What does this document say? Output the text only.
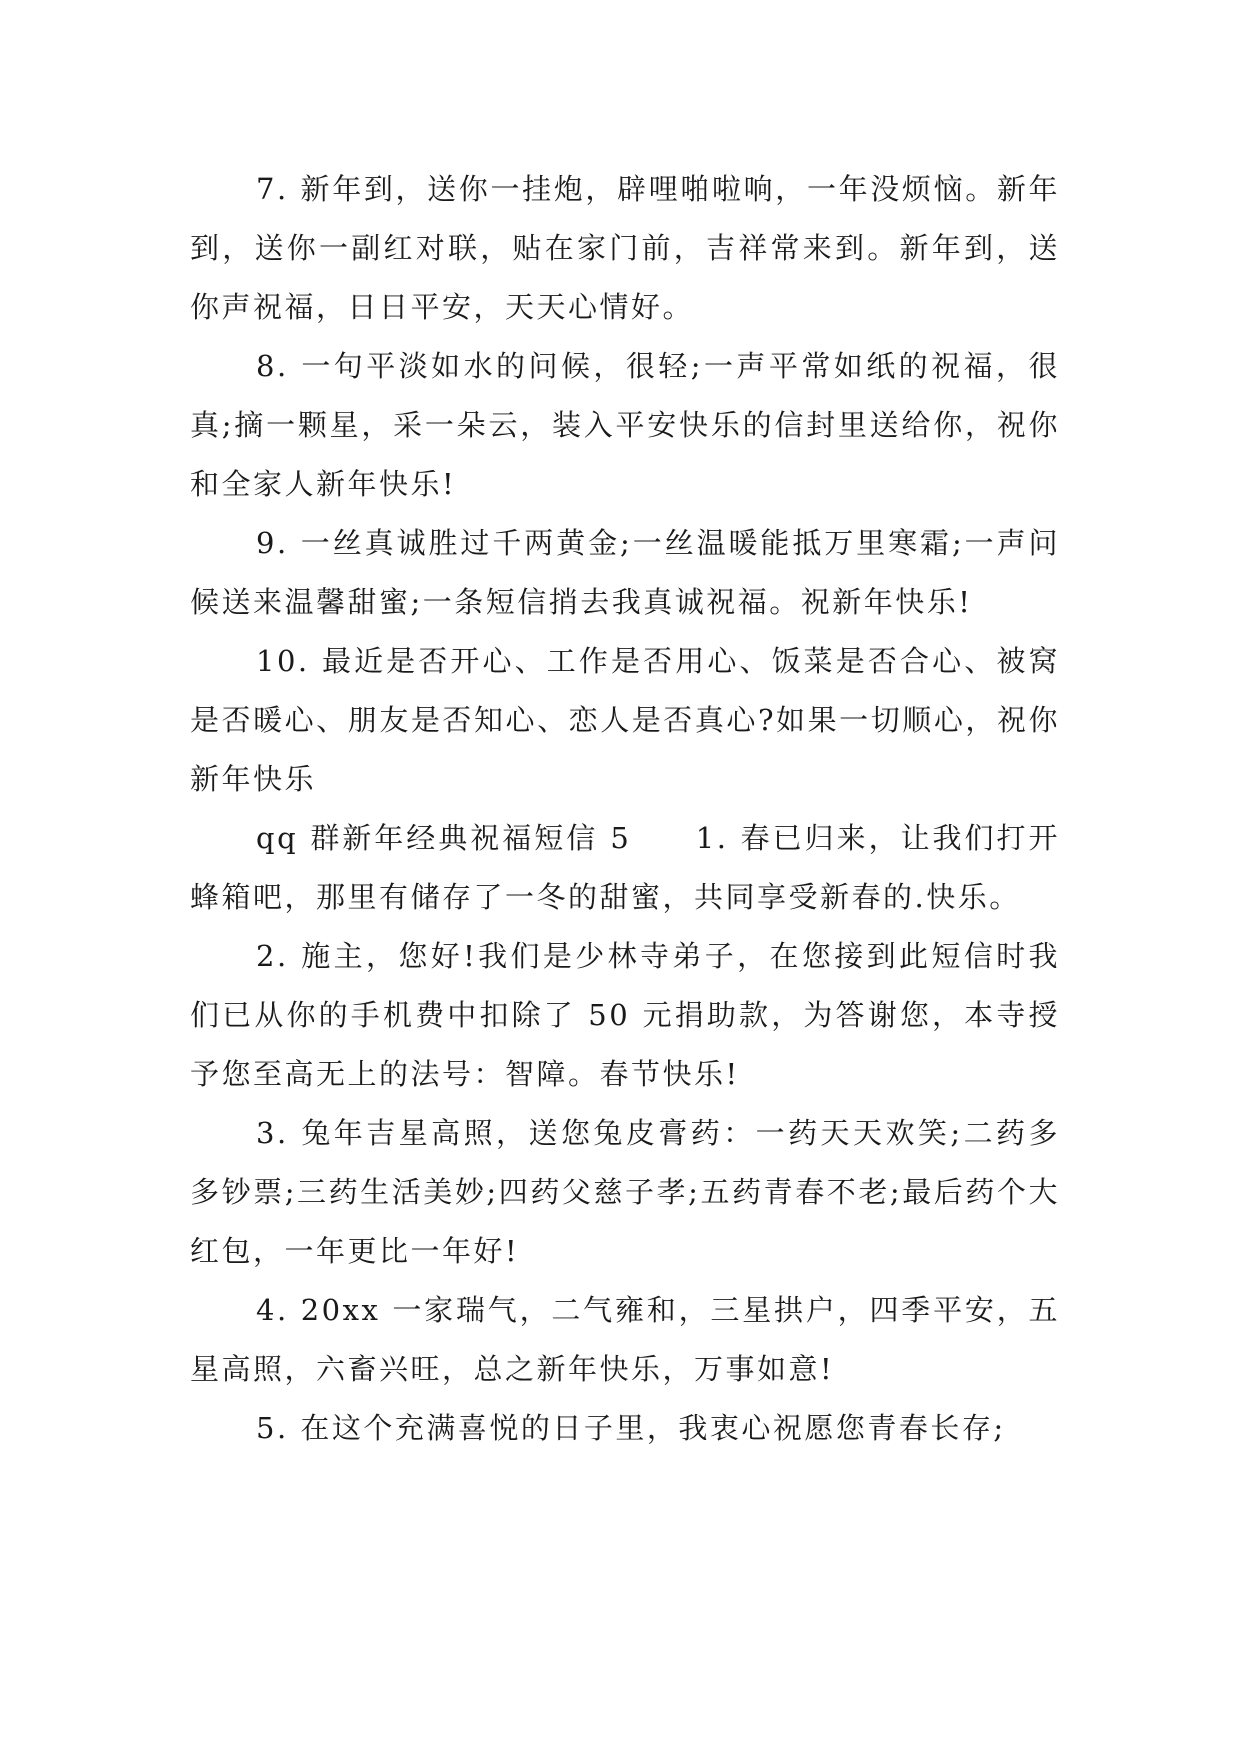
7. 新年到，送你一挂炮，辟哩啪啦响，一年没烦恼。新年到，送你一副红对联，贴在家门前，吉祥常来到。新年到，送你声祝福，日日平安，天天心情好。

8. 一句平淡如水的问候，很轻;一声平常如纸的祝福，很真;摘一颗星，采一朵云，装入平安快乐的信封里送给你，祝你和全家人新年快乐!

9. 一丝真诚胜过千两黄金;一丝温暖能抵万里寒霜;一声问候送来温馨甜蜜;一条短信捎去我真诚祝福。祝新年快乐!

10. 最近是否开心、工作是否用心、饭菜是否合心、被窝是否暖心、朋友是否知心、恋人是否真心?如果一切顺心，祝你新年快乐

qq 群新年经典祝福短信 5　　1. 春已归来，让我们打开蜂箱吧，那里有储存了一冬的甜蜜，共同享受新春的.快乐。

2. 施主，您好!我们是少林寺弟子，在您接到此短信时我们已从你的手机费中扣除了 50 元捐助款，为答谢您，本寺授予您至高无上的法号：智障。春节快乐!

3. 兔年吉星高照，送您兔皮膏药：一药天天欢笑;二药多多钞票;三药生活美妙;四药父慈子孝;五药青春不老;最后药个大红包，一年更比一年好!

4. 20xx 一家瑞气，二气雍和，三星拱户，四季平安，五星高照，六畜兴旺，总之新年快乐，万事如意!

5. 在这个充满喜悦的日子里，我衷心祝愿您青春长存;
